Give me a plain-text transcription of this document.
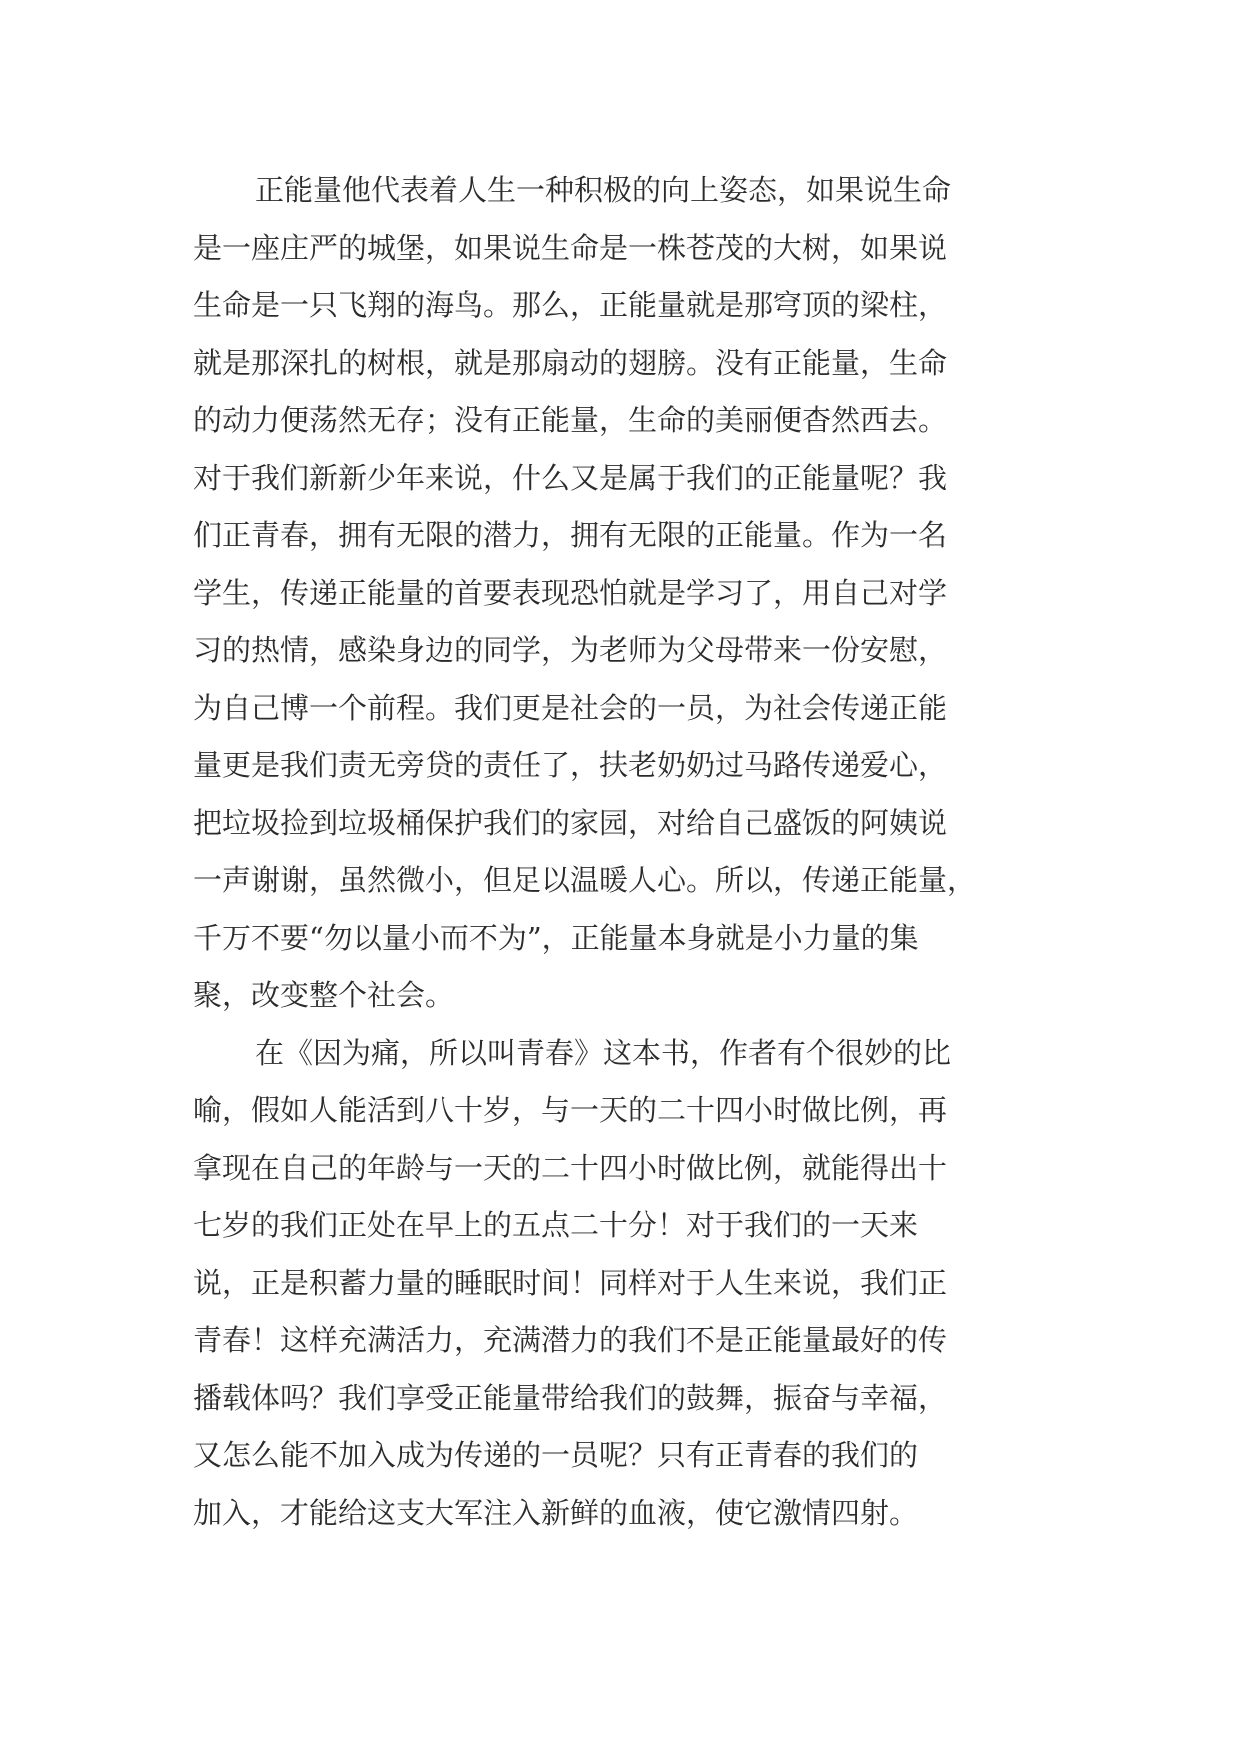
正能量他代表着人生一种积极的向上姿态，如果说生命
是一座庄严的城堡，如果说生命是一株苍茂的大树，如果说
生命是一只飞翔的海鸟。那么，正能量就是那穹顶的梁柱，
就是那深扎的树根，就是那扇动的翅膀。没有正能量，生命
的动力便荡然无存；没有正能量，生命的美丽便杳然西去。
对于我们新新少年来说，什么又是属于我们的正能量呢？我
们正青春，拥有无限的潜力，拥有无限的正能量。作为一名
学生，传递正能量的首要表现恐怕就是学习了，用自己对学
习的热情，感染身边的同学，为老师为父母带来一份安慰，
为自己博一个前程。我们更是社会的一员，为社会传递正能
量更是我们责无旁贷的责任了，扶老奶奶过马路传递爱心，
把垃圾捡到垃圾桶保护我们的家园，对给自己盛饭的阿姨说
一声谢谢，虽然微小，但足以温暖人心。所以，传递正能量，
千万不要“勿以量小而不为”，正能量本身就是小力量的集
聚，改变整个社会。
在《因为痛，所以叫青春》这本书，作者有个很妙的比
喻，假如人能活到八十岁，与一天的二十四小时做比例，再
拿现在自己的年龄与一天的二十四小时做比例，就能得出十
七岁的我们正处在早上的五点二十分！对于我们的一天来
说，正是积蓄力量的睡眠时间！同样对于人生来说，我们正
青春！这样充满活力，充满潜力的我们不是正能量最好的传
播载体吗？我们享受正能量带给我们的鼓舞，振奋与幸福，
又怎么能不加入成为传递的一员呢？只有正青春的我们的
加入，才能给这支大军注入新鲜的血液，使它激情四射。
